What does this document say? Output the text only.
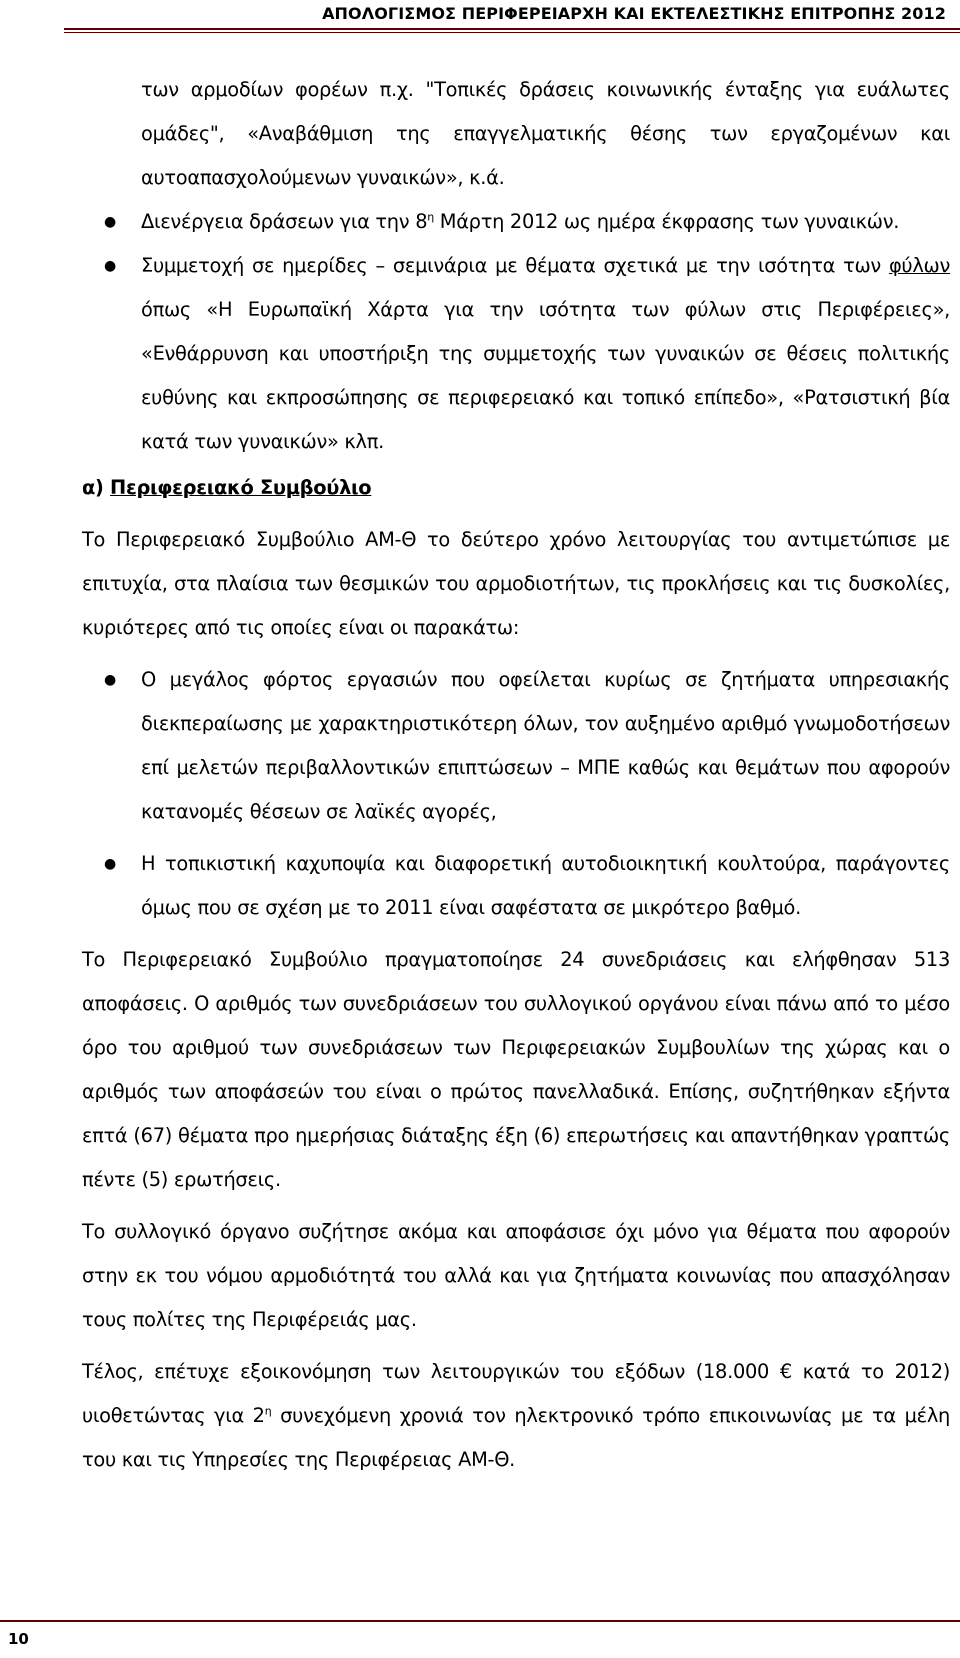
ΑΠΟΛΟΓΙΣΜΟΣ ΠΕΡΙΦΕΡΕΙΑΡΧΗ ΚΑΙ ΕΚΤΕΛΕΣΤΙΚΗΣ ΕΠΙΤΡΟΠΗΣ 2012
των αρμοδίων φορέων π.χ. "Τοπικές δράσεις κοινωνικής ένταξης για ευάλωτες ομάδες", «Αναβάθμιση της επαγγελματικής θέσης των εργαζομένων και αυτοαπασχολούμενων γυναικών», κ.ά.
● Διενέργεια δράσεων για την $8^\eta$ Μάρτη 2012 ως ημέρα έκφρασης των γυναικών.
● Συμμετοχή σε ημερίδες – σεμινάρια με θέματα σχετικά με την ισότητα των φύλων όπως «Η Ευρωπαϊκή Χάρτα για την ισότητα των φύλων στις Περιφέρειες», «Ενθάρρυνση και υποστήριξη της συμμετοχής των γυναικών σε θέσεις πολιτικής ευθύνης και εκπροσώπησης σε περιφερειακό και τοπικό επίπεδο», «Ρατσιστική βία κατά των γυναικών» κλπ.
α) Περιφερειακό Συμβούλιο
Το Περιφερειακό Συμβούλιο ΑΜ-Θ το δεύτερο χρόνο λειτουργίας του αντιμετώπισε με επιτυχία, στα πλαίσια των θεσμικών του αρμοδιοτήτων, τις προκλήσεις και τις δυσκολίες, κυριότερες από τις οποίες είναι οι παρακάτω:
● Ο μεγάλος φόρτος εργασιών που οφείλεται κυρίως σε ζητήματα υπηρεσιακής διεκπεραίωσης με χαρακτηριστικότερη όλων, τον αυξημένο αριθμό γνωμοδοτήσεων επί μελετών περιβαλλοντικών επιπτώσεων – ΜΠΕ καθώς και θεμάτων που αφορούν κατανομές θέσεων σε λαϊκές αγορές,
● Η τοπικιστική καχυποψία και διαφορετική αυτοδιοικητική κουλτούρα, παράγοντες όμως που σε σχέση με το 2011 είναι σαφέστατα σε μικρότερο βαθμό.
Το Περιφερειακό Συμβούλιο πραγματοποίησε 24 συνεδριάσεις και ελήφθησαν 513 αποφάσεις. Ο αριθμός των συνεδριάσεων του συλλογικού οργάνου είναι πάνω από το μέσο όρο του αριθμού των συνεδριάσεων των Περιφερειακών Συμβουλίων της χώρας και ο αριθμός των αποφάσεών του είναι ο πρώτος πανελλαδικά. Επίσης, συζητήθηκαν εξήντα επτά (67) θέματα προ ημερήσιας διάταξης έξη (6) επερωτήσεις και απαντήθηκαν γραπτώς πέντε (5) ερωτήσεις.
Το συλλογικό όργανο συζήτησε ακόμα και αποφάσισε όχι μόνο για θέματα που αφορούν στην εκ του νόμου αρμοδιότητά του αλλά και για ζητήματα κοινωνίας που απασχόλησαν τους πολίτες της Περιφέρειάς μας.
Τέλος, επέτυχε εξοικονόμηση των λειτουργικών του εξόδων (18.000 € κατά το 2012) υιοθετώντας για $2^\eta$ συνεχόμενη χρονιά τον ηλεκτρονικό τρόπο επικοινωνίας με τα μέλη του και τις Υπηρεσίες της Περιφέρειας ΑΜ-Θ.
10
